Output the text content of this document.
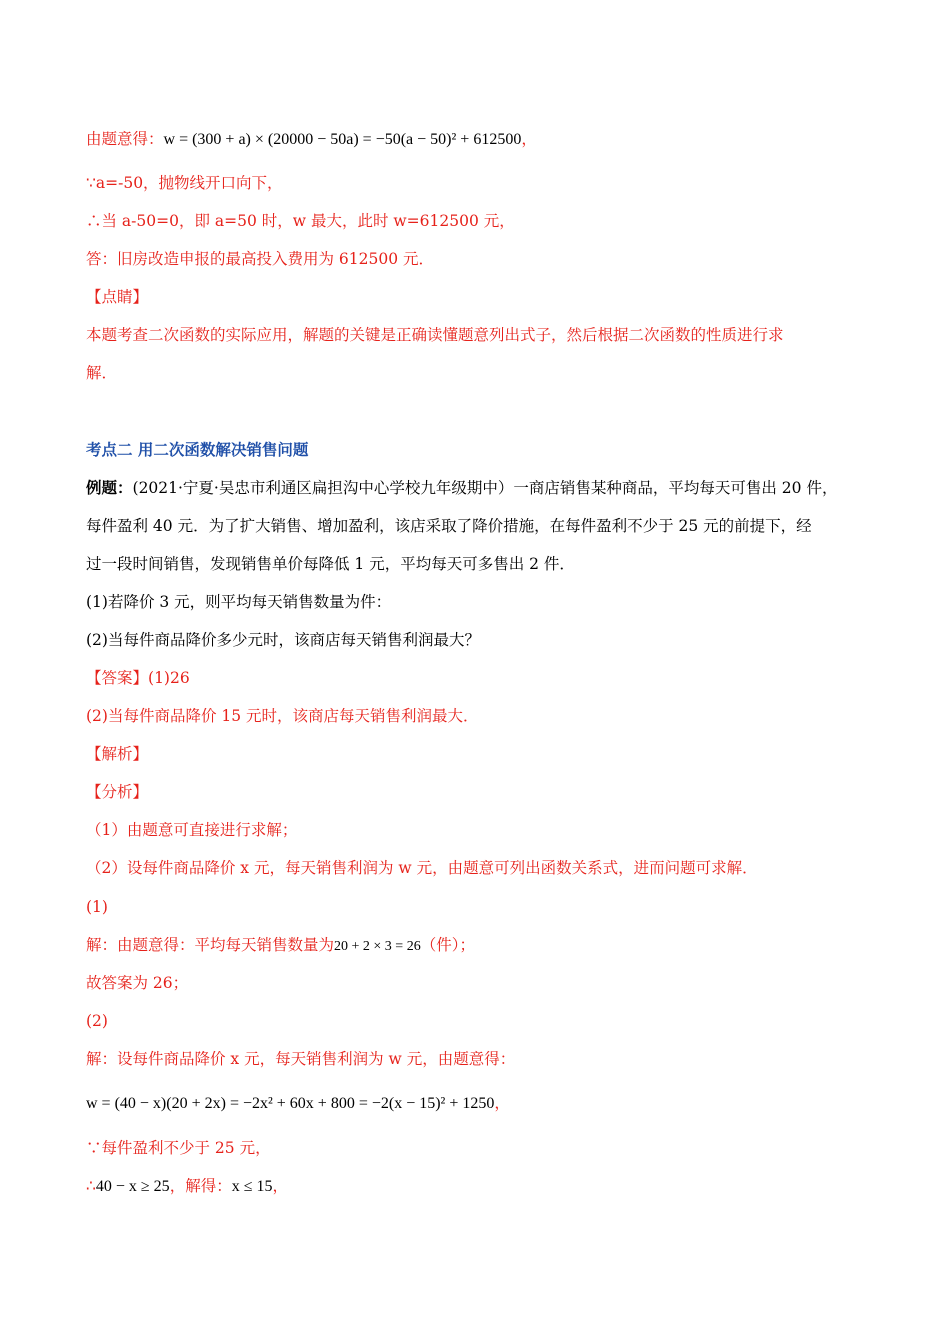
由题意得：w = (300 + a) × (20000 − 50a) = −50(a − 50)² + 612500，
∵a=-50，抛物线开口向下，
∴当 a-50=0，即 a=50 时，w 最大，此时 w=612500 元，
答：旧房改造申报的最高投入费用为 612500 元．
【点睛】
本题考查二次函数的实际应用，解题的关键是正确读懂题意列出式子，然后根据二次函数的性质进行求
解．
考点二 用二次函数解决销售问题
例题：(2021·宁夏·吴忠市利通区扁担沟中心学校九年级期中）一商店销售某种商品，平均每天可售出 20 件，
每件盈利 40 元．为了扩大销售、增加盈利，该店采取了降价措施，在每件盈利不少于 25 元的前提下，经
过一段时间销售，发现销售单价每降低 1 元，平均每天可多售出 2 件．
(1)若降价 3 元，则平均每天销售数量为件：
(2)当每件商品降价多少元时，该商店每天销售利润最大？
【答案】(1)26
(2)当每件商品降价 15 元时，该商店每天销售利润最大．
【解析】
【分析】
（1）由题意可直接进行求解；
（2）设每件商品降价 x 元，每天销售利润为 w 元，由题意可列出函数关系式，进而问题可求解．
(1)
解：由题意得：平均每天销售数量为20 + 2 × 3 = 26（件）；
故答案为 26；
(2)
解：设每件商品降价 x 元，每天销售利润为 w 元，由题意得：
w = (40 − x)(20 + 2x) = −2x² + 60x + 800 = −2(x − 15)² + 1250，
∵每件盈利不少于 25 元，
∴40 − x ≥ 25，解得：x ≤ 15，
